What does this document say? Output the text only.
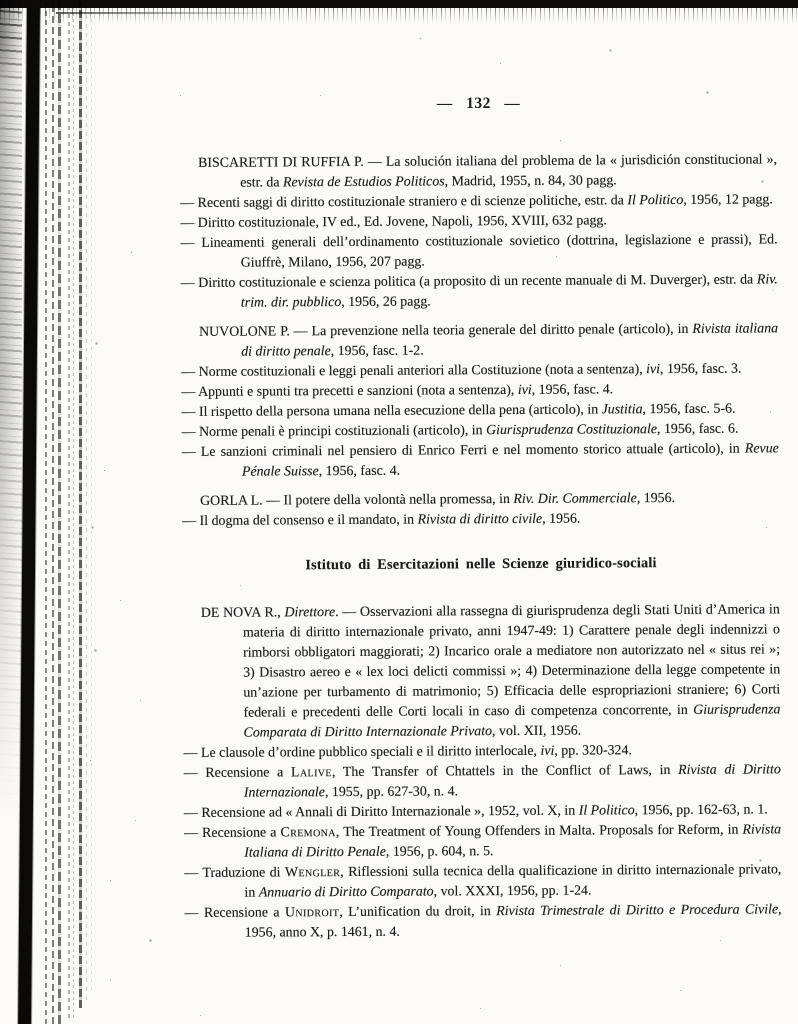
— 132 —

BISCARETTI DI RUFFIA P. — La solución italiana del problema de la « jurisdición constitucional », estr. da Revista de Estudios Politicos, Madrid, 1955, n. 84, 30 pagg.

— Recenti saggi di diritto costituzionale straniero e di scienze politiche, estr. da Il Politico, 1956, 12 pagg.

— Diritto costituzionale, IV ed., Ed. Jovene, Napoli, 1956, XVIII, 632 pagg.

— Lineamenti generali dell’ordinamento costituzionale sovietico (dottrina, legislazione e prassi), Ed. Giuffrè, Milano, 1956, 207 pagg.

— Diritto costituzionale e scienza politica (a proposito di un recente manuale di M. Duverger), estr. da Riv. trim. dir. pubblico, 1956, 26 pagg.

NUVOLONE P. — La prevenzione nella teoria generale del diritto penale (articolo), in Rivista italiana di diritto penale, 1956, fasc. 1-2.

— Norme costituzionali e leggi penali anteriori alla Costituzione (nota a sentenza), ivi, 1956, fasc. 3.

— Appunti e spunti tra precetti e sanzioni (nota a sentenza), ivi, 1956, fasc. 4.

— Il rispetto della persona umana nella esecuzione della pena (articolo), in Justitia, 1956, fasc. 5-6.

— Norme penali è principi costituzionali (articolo), in Giurisprudenza Costituzionale, 1956, fasc. 6.

— Le sanzioni criminali nel pensiero di Enrico Ferri e nel momento storico attuale (articolo), in Revue Pénale Suisse, 1956, fasc. 4.

GORLA L. — Il potere della volontà nella promessa, in Riv. Dir. Commerciale, 1956.

— Il dogma del consenso e il mandato, in Rivista di diritto civile, 1956.

Istituto di Esercitazioni nelle Scienze giuridico-sociali

DE NOVA R., Direttore. — Osservazioni alla rassegna di giurisprudenza degli Stati Uniti d’America in materia di diritto internazionale privato, anni 1947-49: 1) Carattere penale degli indennizzi o rimborsi obbligatori maggiorati; 2) Incarico orale a mediatore non autorizzato nel « situs rei »; 3) Disastro aereo e « lex loci delicti commissi »; 4) Determinazione della legge competente in un’azione per turbamento di matrimonio; 5) Efficacia delle espropriazioni straniere; 6) Corti federali e precedenti delle Corti locali in caso di competenza concorrente, in Giurisprudenza Comparata di Diritto Internazionale Privato, vol. XII, 1956.

— Le clausole d’ordine pubblico speciali e il diritto interlocale, ivi, pp. 320-324.

— Recensione a Lalive, The Transfer of Chtattels in the Conflict of Laws, in Rivista di Diritto Internazionale, 1955, pp. 627-30, n. 4.

— Recensione ad « Annali di Diritto Internazionale », 1952, vol. X, in Il Politico, 1956, pp. 162-63, n. 1.

— Recensione a Cremona, The Treatment of Young Offenders in Malta. Proposals for Reform, in Rivista Italiana di Diritto Penale, 1956, p. 604, n. 5.

— Traduzione di Wengler, Riflessioni sulla tecnica della qualificazione in diritto internazionale privato, in Annuario di Diritto Comparato, vol. XXXI, 1956, pp. 1-24.

— Recensione a Unidroit, L’unification du droit, in Rivista Trimestrale di Diritto e Procedura Civile, 1956, anno X, p. 1461, n. 4.
